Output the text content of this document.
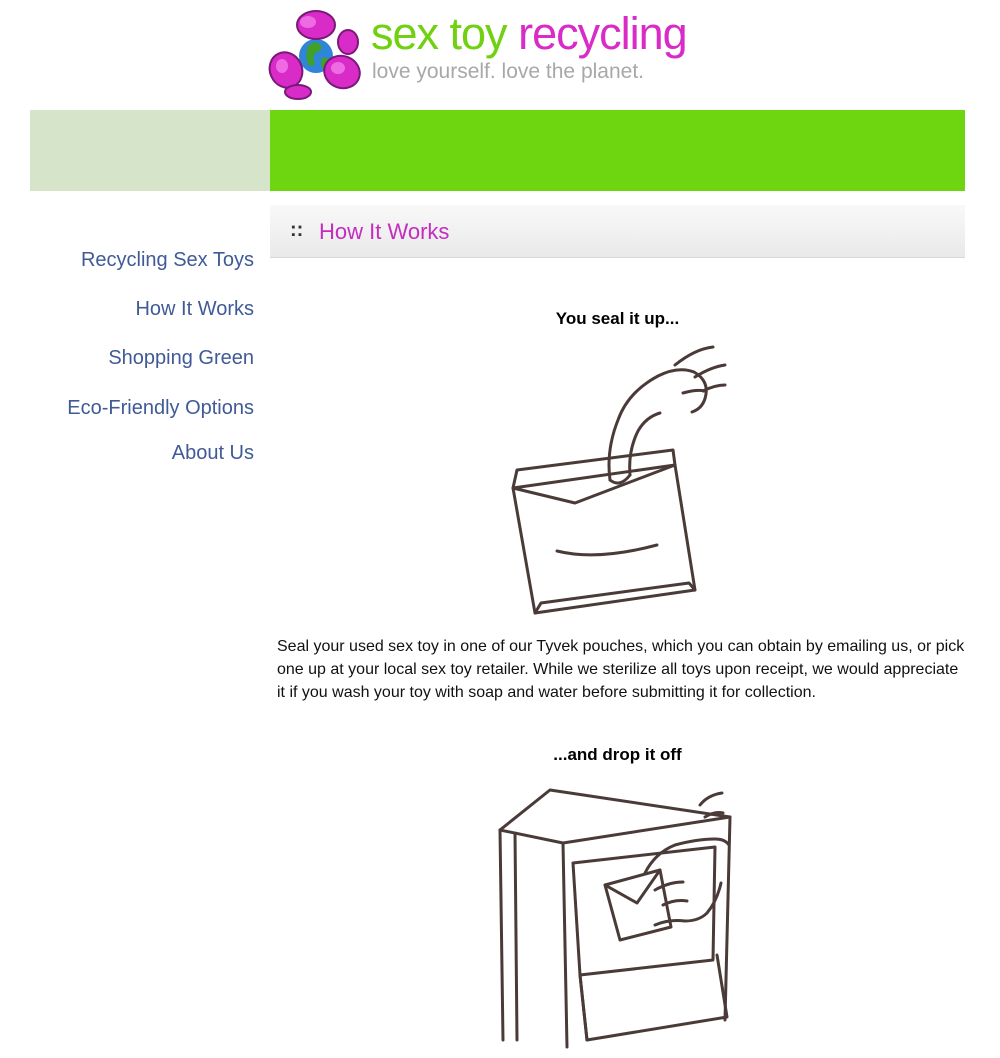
sex toy recycling
love yourself. love the planet.
Recycling Sex Toys
How It Works
Shopping Green
Eco-Friendly Options
About Us
:: How It Works
You seal it up...
Seal your used sex toy in one of our Tyvek pouches, which you can obtain by emailing us, or pick one up at your local sex toy retailer. While we sterilize all toys upon receipt, we would appreciate it if you wash your toy with soap and water before submitting it for collection.
...and drop it off
